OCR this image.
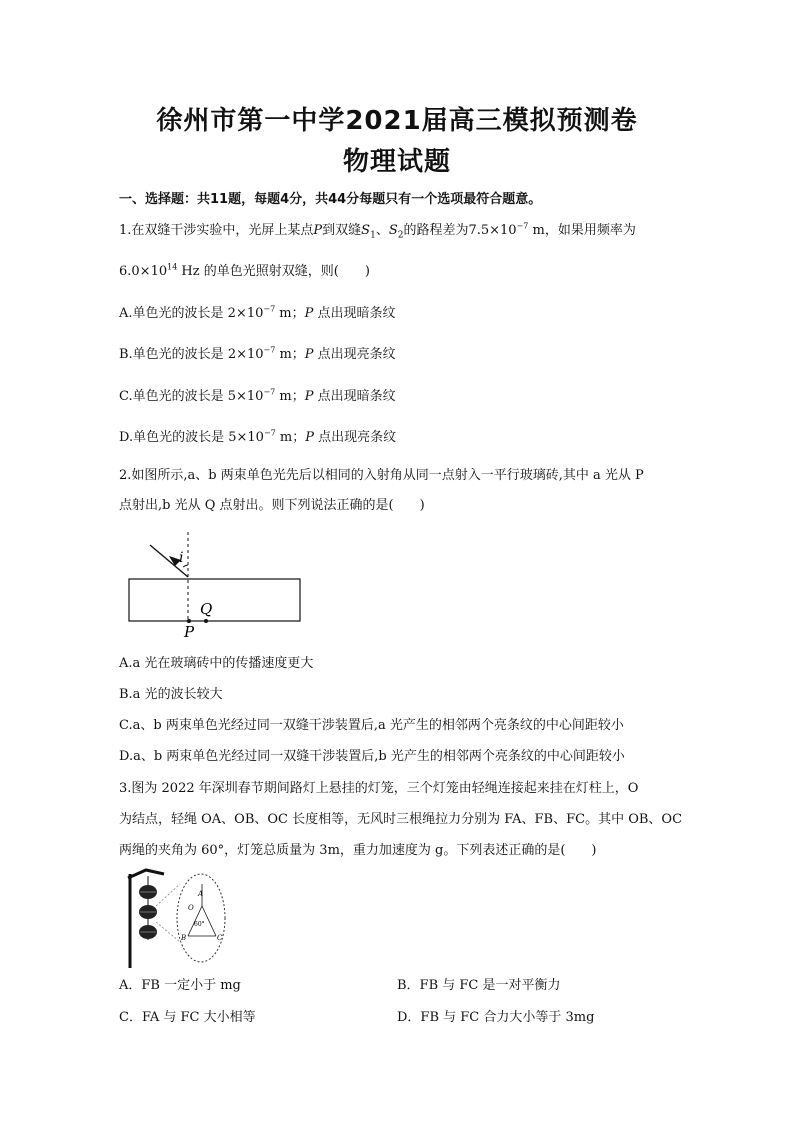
徐州市第一中学2021届高三模拟预测卷
物理试题
一、选择题：共11题，每题4分，共44分每题只有一个选项最符合题意。
1.在双缝干涉实验中，光屏上某点P到双缝$S_1$、$S_2$的路程差为$7.5\times 10^{-7}$ m，如果用频率为
$6.0\times 10^{14}$ Hz 的单色光照射双缝，则(　　)
A.单色光的波长是 $2\times 10^{-7}$ m；P 点出现暗条纹
B.单色光的波长是 $2\times 10^{-7}$ m；P 点出现亮条纹
C.单色光的波长是 $5\times 10^{-7}$ m；P 点出现暗条纹
D.单色光的波长是 $5\times 10^{-7}$ m；P 点出现亮条纹
2.如图所示,a、b 两束单色光先后以相同的入射角从同一点射入一平行玻璃砖,其中 a 光从 P
点射出,b 光从 Q 点射出。则下列说法正确的是(　　)
i
Q
P
A.a 光在玻璃砖中的传播速度更大
B.a 光的波长较大
C.a、b 两束单色光经过同一双缝干涉装置后,a 光产生的相邻两个亮条纹的中心间距较小
D.a、b 两束单色光经过同一双缝干涉装置后,b 光产生的相邻两个亮条纹的中心间距较小
3.图为 2022 年深圳春节期间路灯上悬挂的灯笼，三个灯笼由轻绳连接起来挂在灯柱上，O
为结点，轻绳 OA、OB、OC 长度相等，无风时三根绳拉力分别为 FA、FB、FC。其中 OB、OC
两绳的夹角为 60°，灯笼总质量为 3m，重力加速度为 g。下列表述正确的是(　　)
A
O
60°
B	C
A．FB 一定小于 mg	B．FB 与 FC 是一对平衡力
C．FA 与 FC 大小相等	D．FB 与 FC 合力大小等于 3mg
